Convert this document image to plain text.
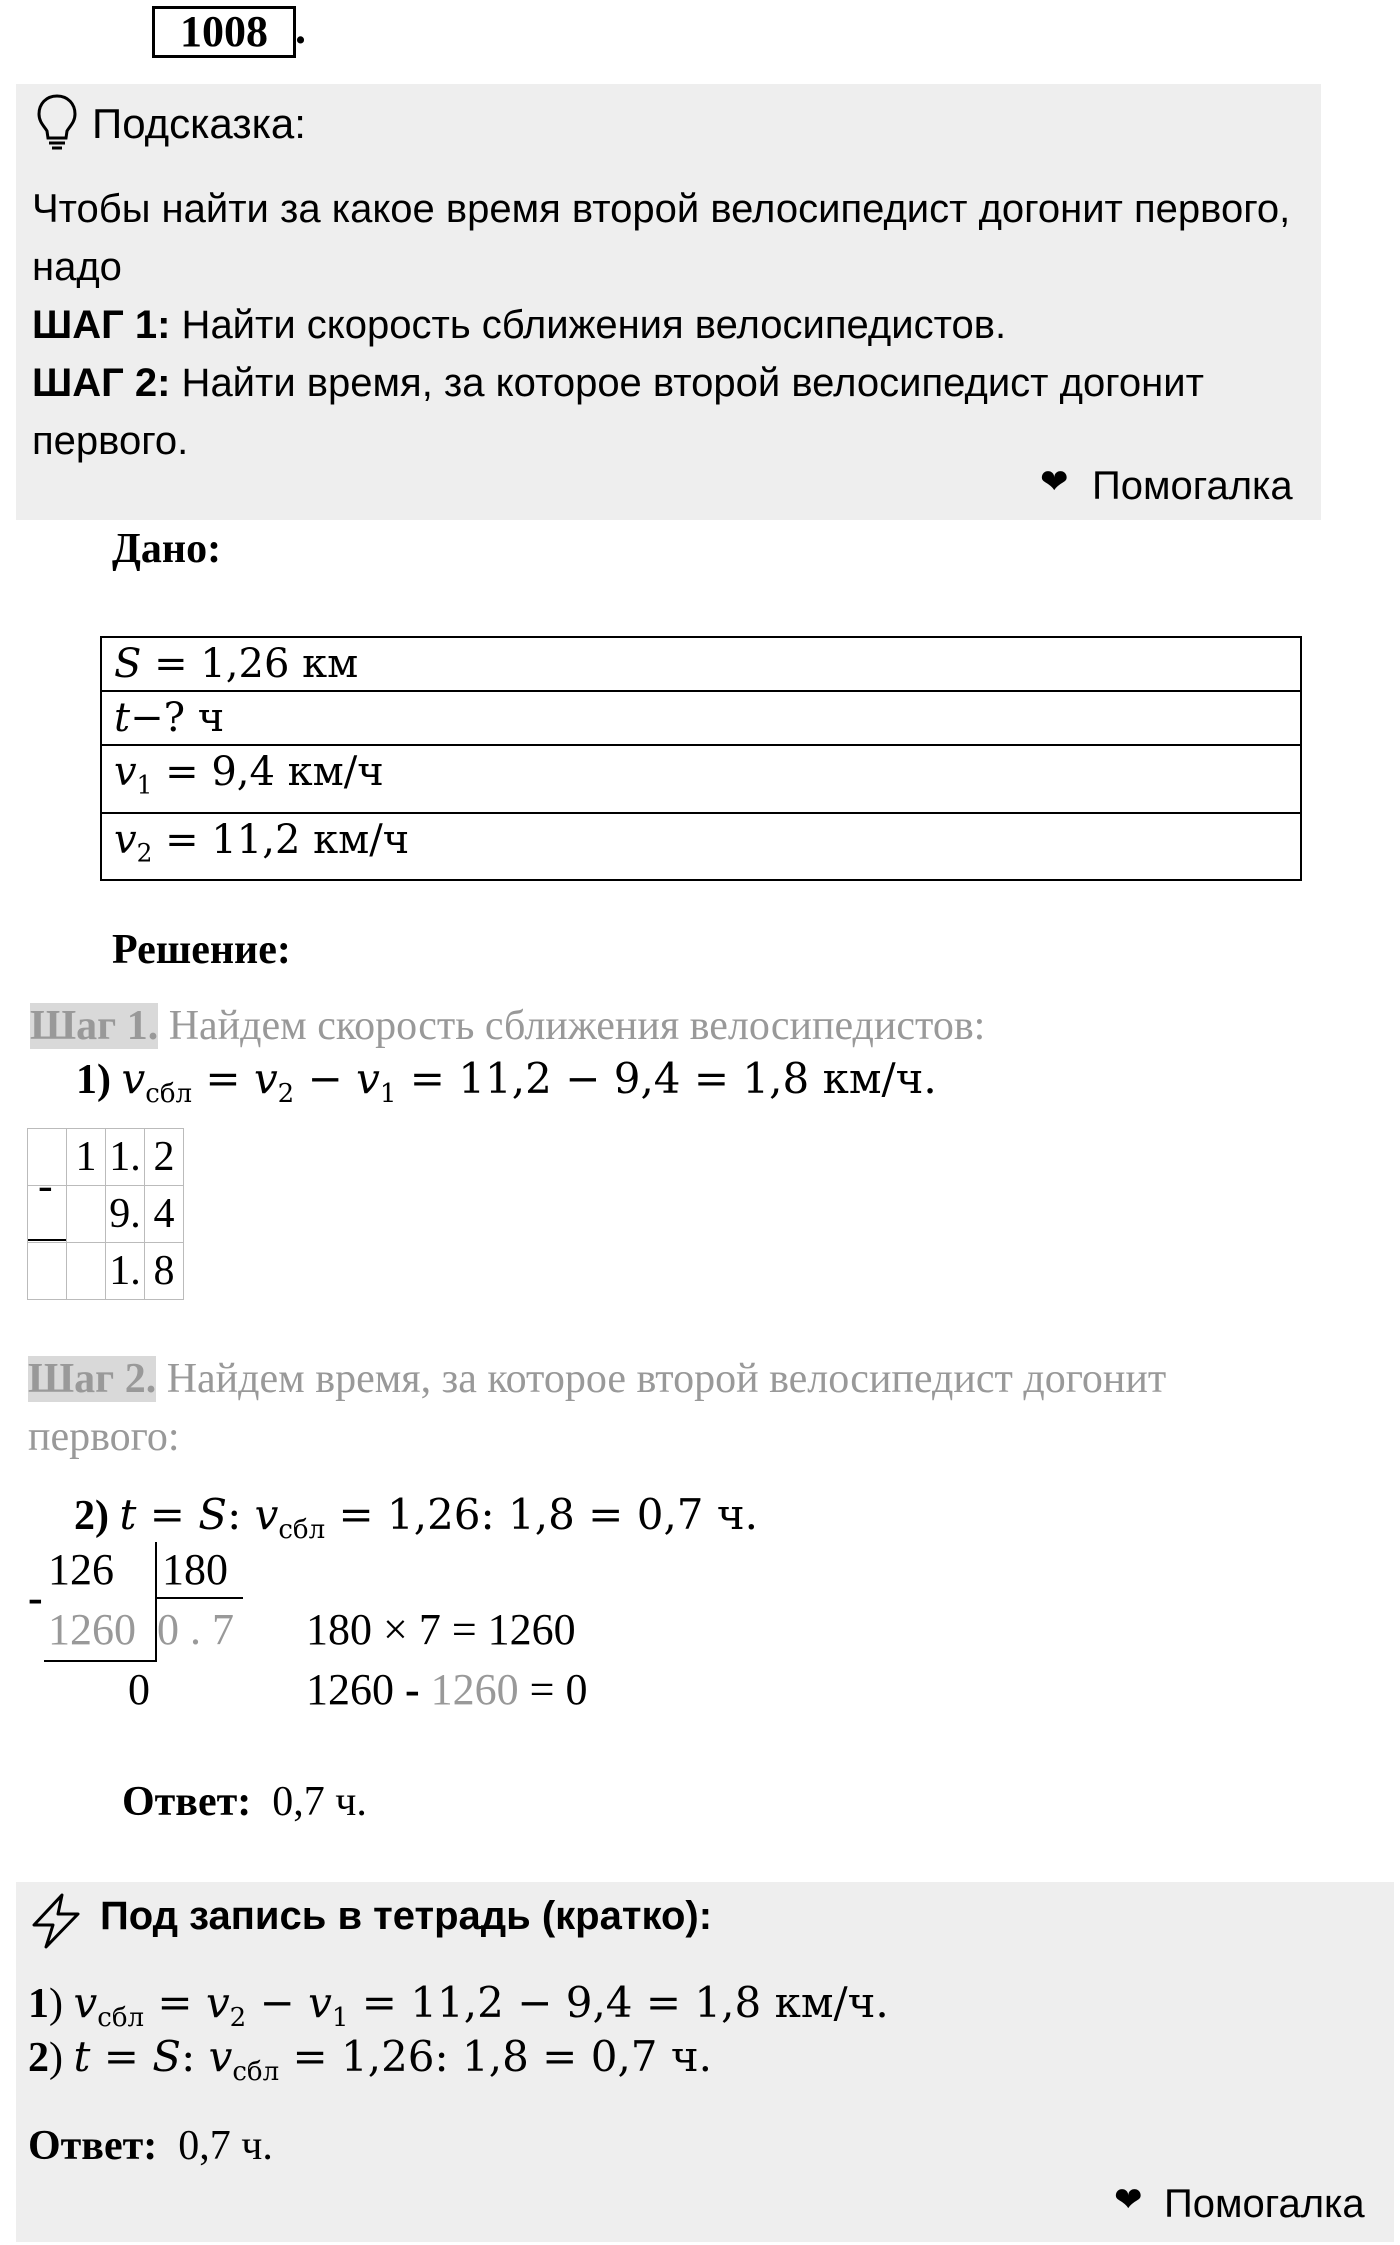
1008 .
Подсказка:
Чтобы найти за какое время второй велосипедист догонит первого, надо
ШАГ 1: Найти скорость сближения велосипедистов.
ШАГ 2: Найти время, за которое второй велосипедист догонит первого.
❤ Помогалка
Дано:
S = 1,26 км
t−? ч
$v_1 = 9,4$ км/ч
$v_2 = 11,2$ км/ч
Решение:
Шаг 1. Найдем скорость сближения велосипедистов:
1) $v_{сбл} = v_2 - v_1 = 11,2 - 9,4 = 1,8$ км/ч.
-
	1	1.	2
		9.	4
		1.	8
Шаг 2. Найдем время, за которое второй велосипедист догонит первого:
2) t = S: $v_{сбл} = 1,26$: 1,8 = 0,7 ч.
126 180
-
1260 0 . 7
0
180 × 7 = 1260
1260 - 1260 = 0
Ответ: 0,7 ч.
Под запись в тетрадь (кратко):
1) $v_{сбл} = v_2 - v_1 = 11,2 - 9,4 = 1,8$ км/ч.
2) t = S: $v_{сбл} = 1,26$: 1,8 = 0,7 ч.
Ответ: 0,7 ч.
❤ Помогалка
